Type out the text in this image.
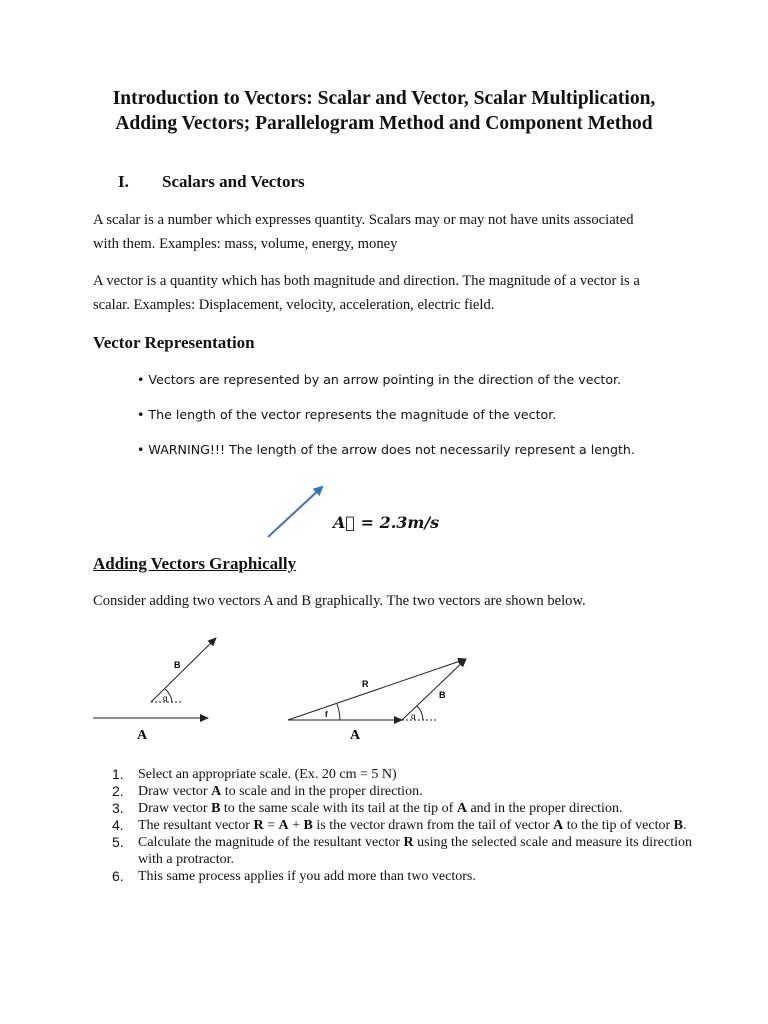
Introduction to Vectors: Scalar and Vector, Scalar Multiplication,
Adding Vectors; Parallelogram Method and Component Method
I. Scalars and Vectors
A scalar is a number which expresses quantity. Scalars may or may not have units associated
with them. Examples: mass, volume, energy, money
A vector is a quantity which has both magnitude and direction. The magnitude of a vector is a
scalar. Examples: Displacement, velocity, acceleration, electric field.
Vector Representation
• Vectors are represented by an arrow pointing in the direction of the vector.
• The length of the vector represents the magnitude of the vector.
• WARNING!!! The length of the arrow does not necessarily represent a length.
A⃗ = 2.3m/s
Adding Vectors Graphically
Consider adding two vectors A and B graphically. The two vectors are shown below.
B
q
A
R
B
f	q
A
1. Select an appropriate scale. (Ex. 20 cm = 5 N)
2. Draw vector A to scale and in the proper direction.
3. Draw vector B to the same scale with its tail at the tip of A and in the proper direction.
4. The resultant vector R = A + B is the vector drawn from the tail of vector A to the tip of vector B.
5. Calculate the magnitude of the resultant vector R using the selected scale and measure its direction with a protractor.
6. This same process applies if you add more than two vectors.
